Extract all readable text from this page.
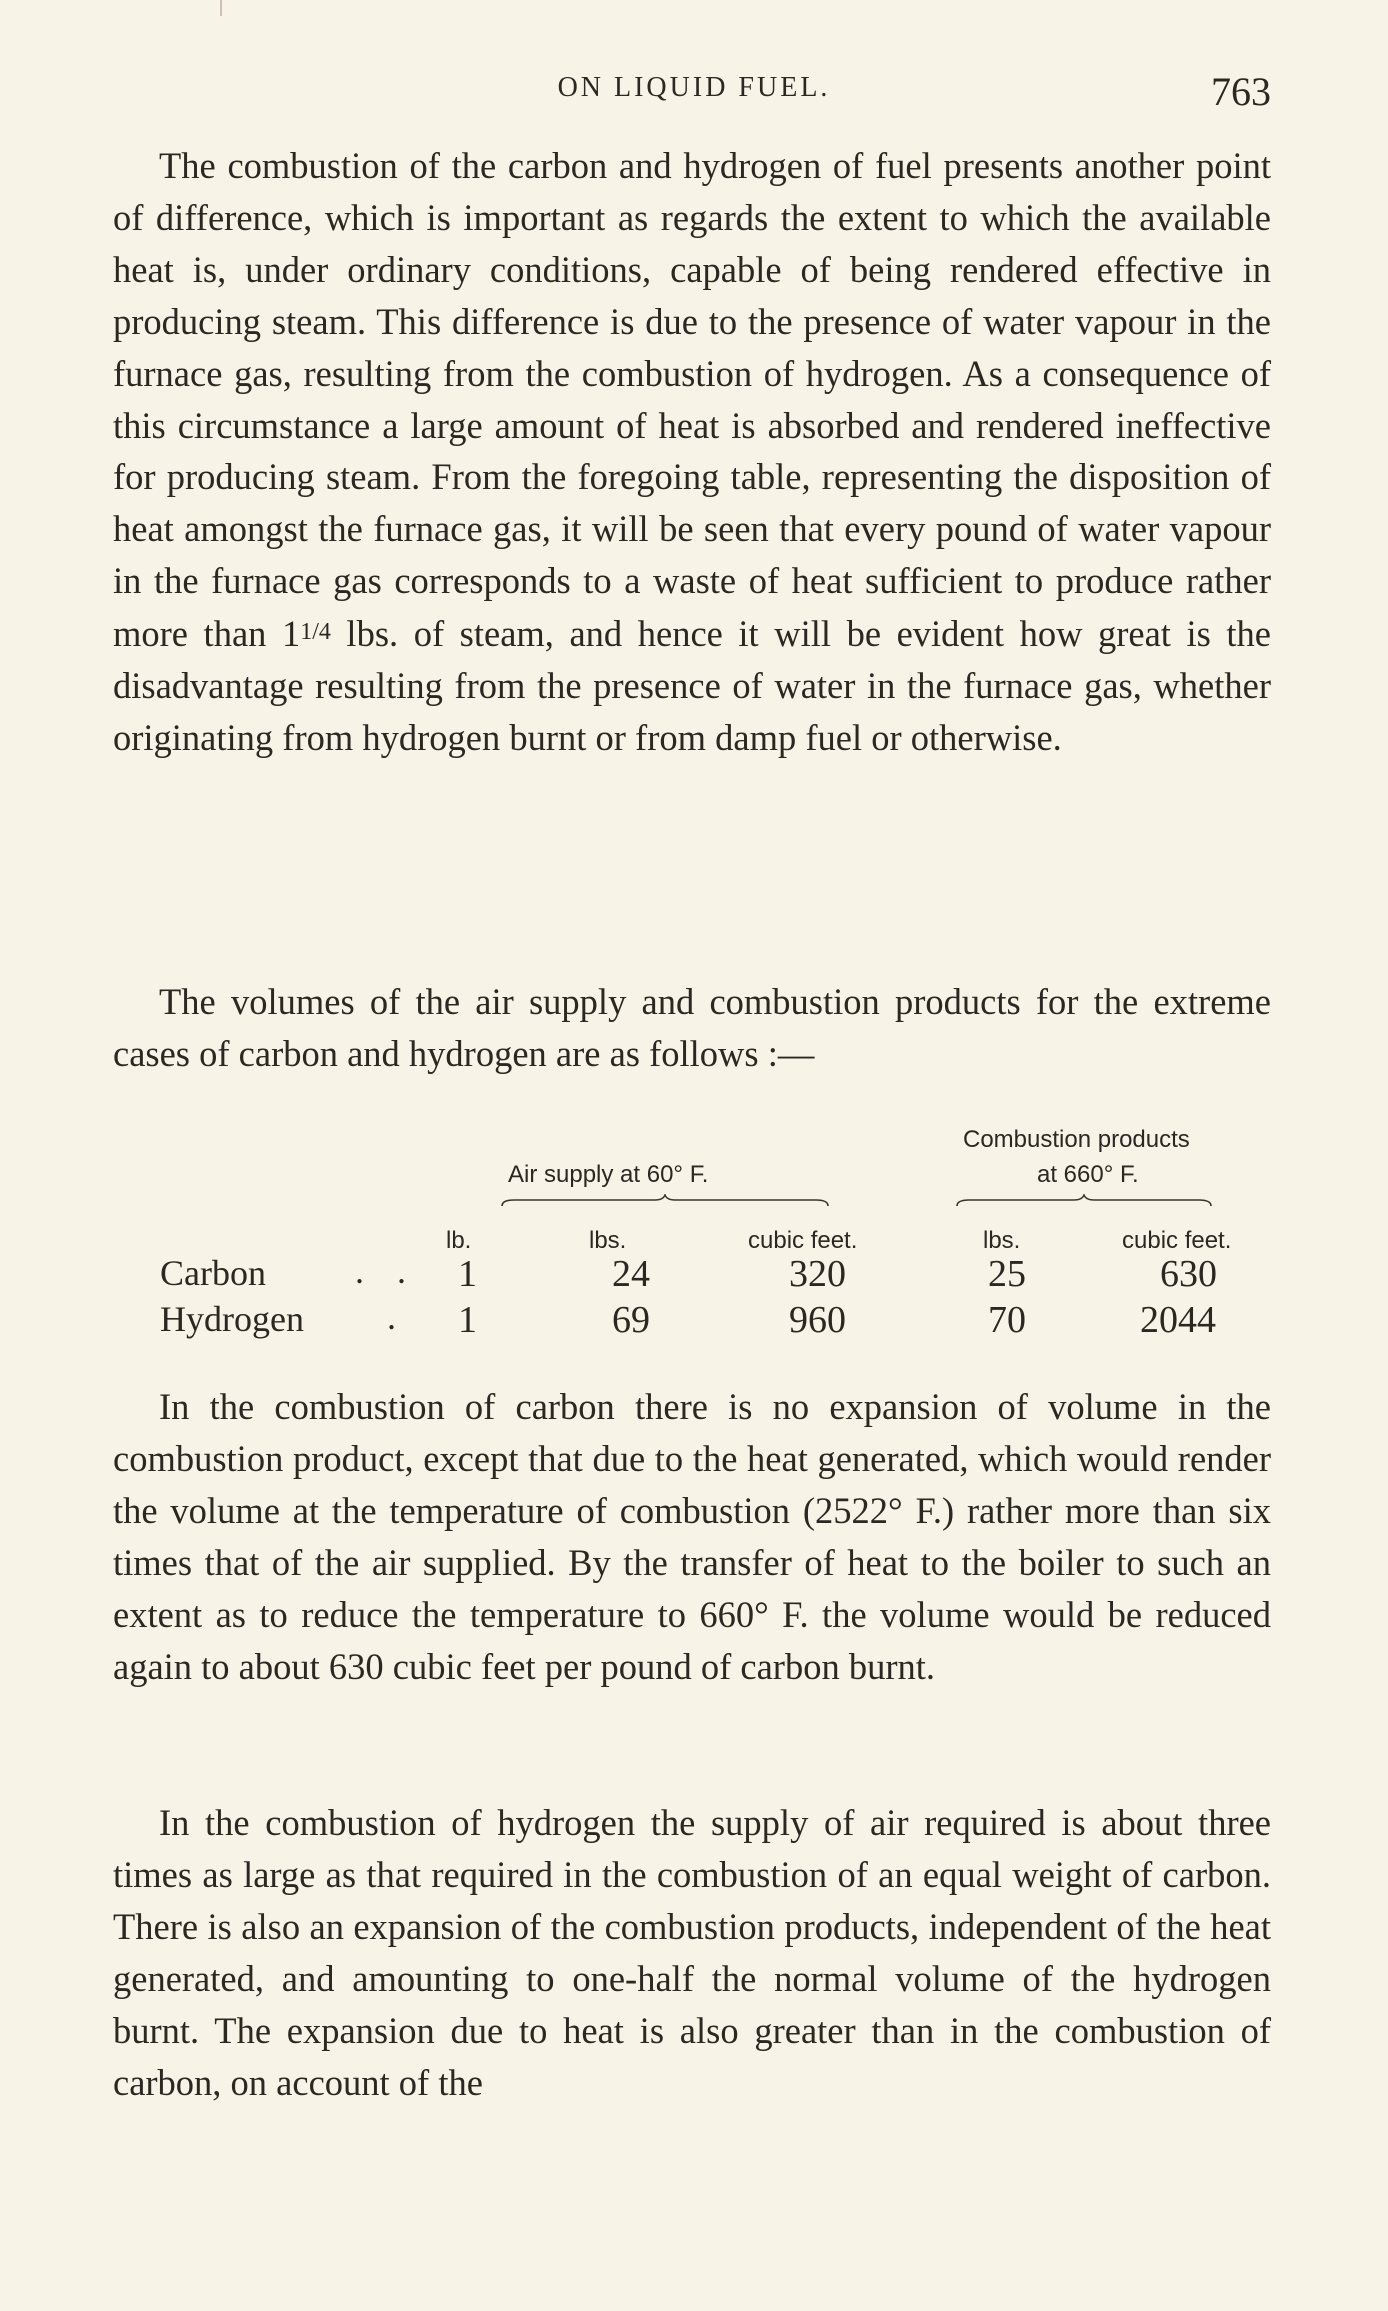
ON LIQUID FUEL.	763

The combustion of the carbon and hydrogen of fuel presents another point of difference, which is important as regards the extent to which the available heat is, under ordinary conditions, capable of being rendered effective in producing steam. This difference is due to the presence of water vapour in the furnace gas, resulting from the combustion of hydrogen. As a consequence of this circumstance a large amount of heat is absorbed and rendered ineffective for producing steam. From the foregoing table, representing the disposition of heat amongst the furnace gas, it will be seen that every pound of water vapour in the furnace gas corresponds to a waste of heat sufficient to produce rather more than 11/4 lbs. of steam, and hence it will be evident how great is the disadvantage resulting from the presence of water in the furnace gas, whether originating from hydrogen burnt or from damp fuel or otherwise.

The volumes of the air supply and combustion products for the extreme cases of carbon and hydrogen are as follows :—

Air supply at 60° F.
Combustion products
at 660° F.
lb.	lbs.	cubic feet.	lbs.	cubic feet.
Carbon . . 1	24	320	25	630
Hydrogen . 1	69	960	70	2044

In the combustion of carbon there is no expansion of volume in the combustion product, except that due to the heat generated, which would render the volume at the temperature of combustion (2522° F.) rather more than six times that of the air supplied. By the transfer of heat to the boiler to such an extent as to reduce the temperature to 660° F. the volume would be reduced again to about 630 cubic feet per pound of carbon burnt.

In the combustion of hydrogen the supply of air required is about three times as large as that required in the combustion of an equal weight of carbon. There is also an expansion of the combustion products, independent of the heat generated, and amounting to one-half the normal volume of the hydrogen burnt. The expansion due to heat is also greater than in the combustion of carbon, on account of the
